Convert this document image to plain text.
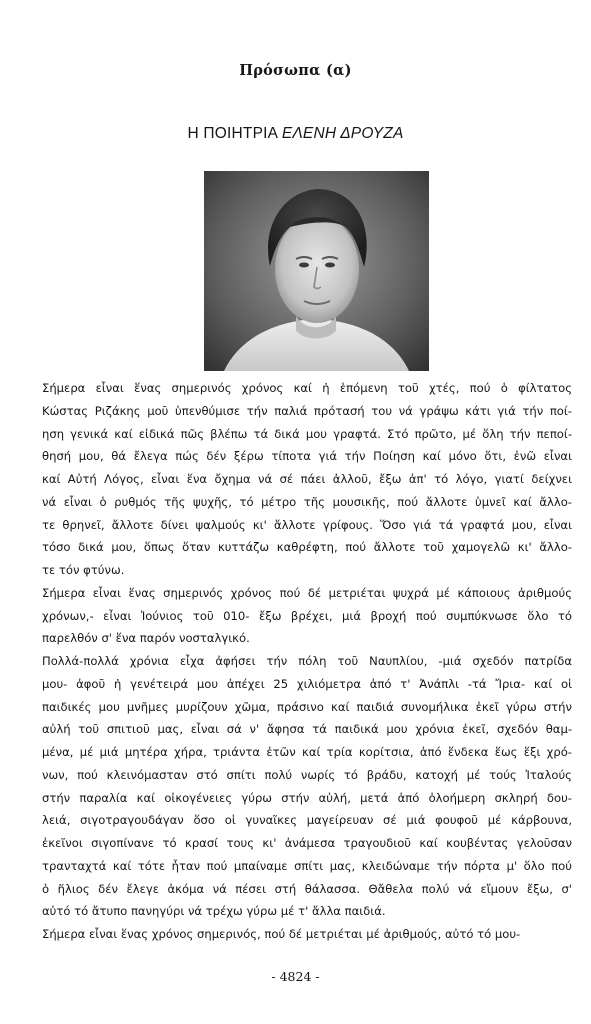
Πρόσωπα (α)
Η ΠΟΙΗΤΡΙΑ ΕΛΕΝΗ ΔΡΟΥΖΑ
Σήμερα εἶναι ἕνας σημερινός χρόνος καί ἡ ἑπόμενη τοῦ χτές, πού ὁ φίλτατος
Κώστας Ριζάκης μοῦ ὑπενθύμισε τήν παλιά πρότασή του νά γράψω κάτι γιά τήν ποί-
ηση γενικά καί εἰδικά πῶς βλέπω τά δικά μου γραφτά. Στό πρῶτο, μέ ὅλη τήν πεποί-
θησή μου, θά ἔλεγα πώς δέν ξέρω τίποτα γιά τήν Ποίηση καί μόνο ὅτι, ἐνῶ εἶναι
καί Αὐτή Λόγος, εἶναι ἕνα ὄχημα νά σέ πάει ἀλλοῦ, ἔξω ἀπ' τό λόγο, γιατί δείχνει
νά εἶναι ὁ ρυθμός τῆς ψυχῆς, τό μέτρο τῆς μουσικῆς, πού ἄλλοτε ὑμνεῖ καί ἄλλο-
τε θρηνεῖ, ἄλλοτε δίνει ψαλμούς κι' ἄλλοτε γρίφους. Ὅσο γιά τά γραφτά μου, εἶναι
τόσο δικά μου, ὅπως ὅταν κυττάζω καθρέφτη, πού ἄλλοτε τοῦ χαμογελῶ κι' ἄλλο-
τε τόν φτύνω.
Σήμερα εἶναι ἕνας σημερινός χρόνος πού δέ μετριέται ψυχρά μέ κάποιους ἀριθμούς
χρόνων,- εἶναι Ἰούνιος τοῦ 010- ἔξω βρέχει, μιά βροχή πού συμπύκνωσε ὅλο τό
παρελθόν σ' ἕνα παρόν νοσταλγικό.
Πολλά-πολλά χρόνια εἶχα ἀφήσει τήν πόλη τοῦ Ναυπλίου, -μιά σχεδόν πατρίδα
μου- ἀφοῦ ἡ γενέτειρά μου ἀπέχει 25 χιλιόμετρα ἀπό τ' Ἀνάπλι -τά Ἴρια- καί οἱ
παιδικές μου μνῆμες μυρίζουν χῶμα, πράσινο καί παιδιά συνομήλικα ἐκεῖ γύρω στήν
αὐλή τοῦ σπιτιοῦ μας, εἶναι σά ν' ἄφησα τά παιδικά μου χρόνια ἐκεῖ, σχεδόν θαμ-
μένα, μέ μιά μητέρα χήρα, τριάντα ἐτῶν καί τρία κορίτσια, ἀπό ἕνδεκα ἕως ἕξι χρό-
νων, πού κλεινόμασταν στό σπίτι πολύ νωρίς τό βράδυ, κατοχή μέ τούς Ἰταλούς
στήν παραλία καί οἰκογένειες γύρω στήν αὐλή, μετά ἀπό ὁλοήμερη σκληρή δου-
λειά, σιγοτραγουδάγαν ὅσο οἱ γυναῖκες μαγείρευαν σέ μιά φουφοῦ μέ κάρβουνα,
ἐκεῖνοι σιγοπίνανε τό κρασί τους κι' ἀνάμεσα τραγουδιοῦ καί κουβέντας γελοῦσαν
τρανταχτά καί τότε ἦταν πού μπαίναμε σπίτι μας, κλειδώναμε τήν πόρτα μ' ὅλο πού
ὁ ἥλιος δέν ἔλεγε ἀκόμα νά πέσει στή θάλασσα. Θἄθελα πολύ νά εἴμουν ἔξω, σ'
αὐτό τό ἄτυπο πανηγύρι νά τρέχω γύρω μέ τ' ἄλλα παιδιά.
Σήμερα εἶναι ἕνας χρόνος σημερινός, πού δέ μετριέται μέ ἀριθμούς, αὐτό τό μου-
- 4824 -
